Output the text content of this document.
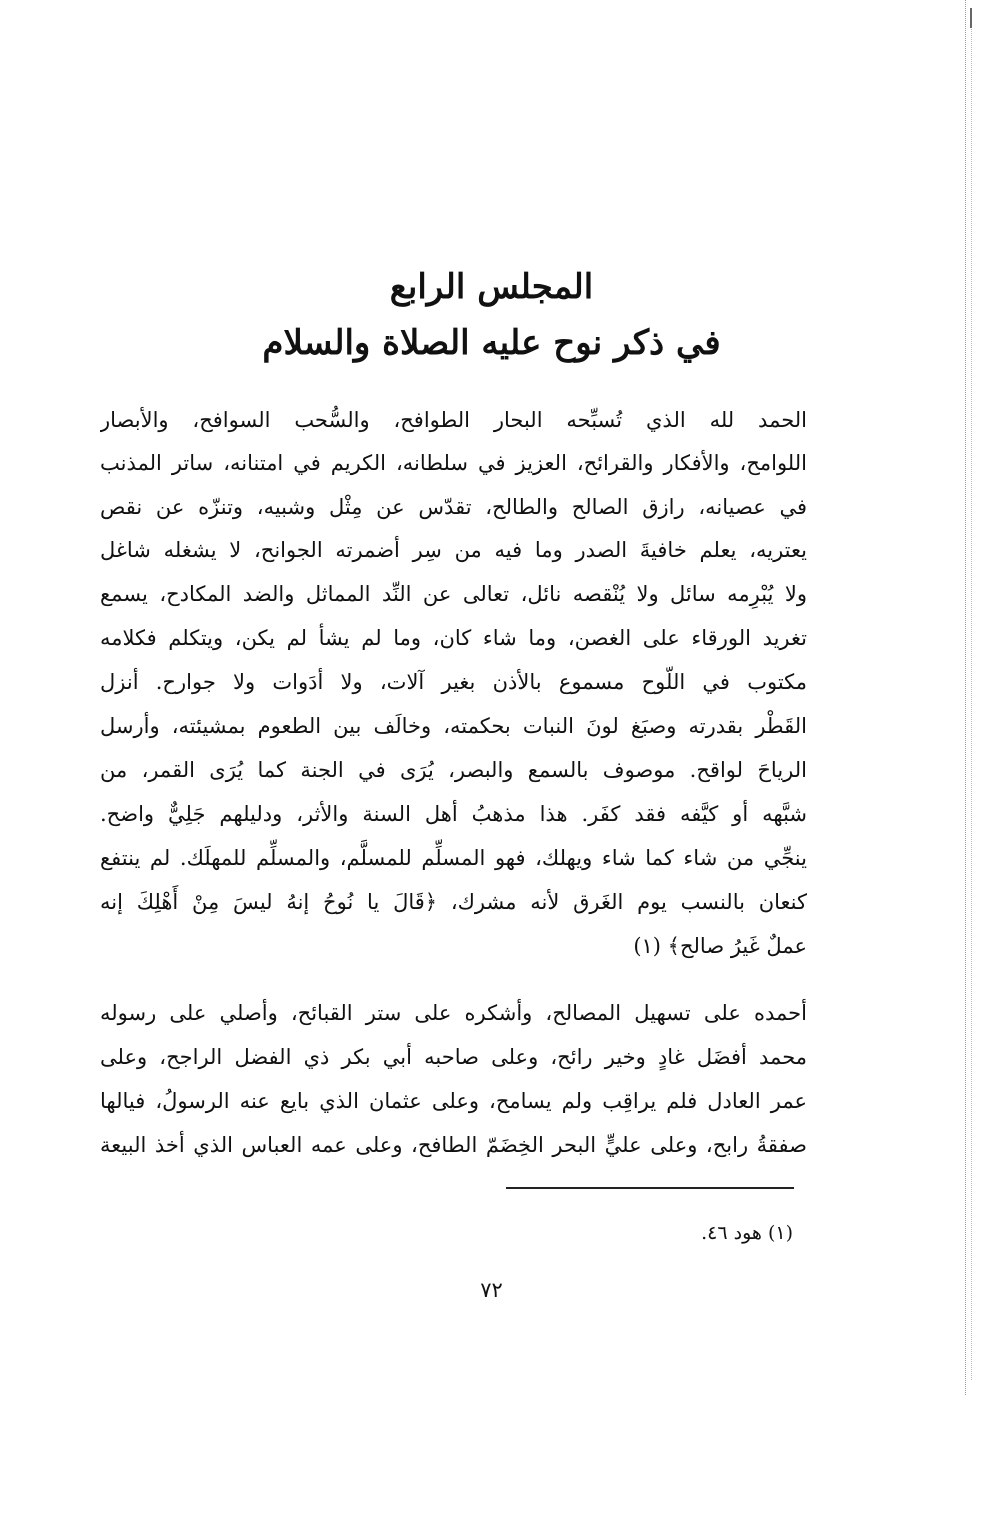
المجلس الرابع
في ذكر نوح عليه الصلاة والسلام
الحمد لله الذي تُسبِّحه البحار الطوافح، والسُّحب السوافح، والأبصار
اللوامح، والأفكار والقرائح، العزيز في سلطانه، الكريم في امتنانه، ساتر المذنب
في عصيانه، رازق الصالح والطالح، تقدّس عن مِثْل وشبيه، وتنزّه عن نقص
يعتريه، يعلم خافيةَ الصدر وما فيه من سِر أضمرته الجوانح، لا يشغله شاغل
ولا يُبْرِمه سائل ولا يُنْقصه نائل، تعالى عن النِّد المماثل والضد المكادح، يسمع
تغريد الورقاء على الغصن، وما شاء كان، وما لم يشأ لم يكن، ويتكلم فكلامه
مكتوب في اللّوح مسموع بالأذن بغير آلات، ولا أدَوات ولا جوارح. أنزل
القَطْر بقدرته وصبَغ لونَ النبات بحكمته، وخالَف بين الطعوم بمشيئته، وأرسل
الرياحَ لواقح. موصوف بالسمع والبصر، يُرَى في الجنة كما يُرَى القمر، من
شبَّهه أو كيَّفه فقد كفَر. هذا مذهبُ أهل السنة والأثر، ودليلهم جَلِيٌّ واضح.
ينجِّي من شاء كما شاء ويهلك، فهو المسلِّم للمسلَّم، والمسلِّم للمهلَك. لم ينتفع
كنعان بالنسب يوم الغَرق لأنه مشرك، ﴿قَالَ يا نُوحُ إنهُ ليسَ مِنْ أَهْلِكَ إنه
عملٌ غَيرُ صالح﴾ (١)
أحمده على تسهيل المصالح، وأشكره على ستر القبائح، وأصلي على رسوله
محمد أفضَل غادٍ وخير رائح، وعلى صاحبه أبي بكر ذي الفضل الراجح، وعلى
عمر العادل فلم يراقِب ولم يسامح، وعلى عثمان الذي بايع عنه الرسولُ، فيالها
صفقةُ رابح، وعلى عليٍّ البحر الخِضَمّ الطافح، وعلى عمه العباس الذي أخذ البيعة
(١) هود ٤٦.
٧٢
